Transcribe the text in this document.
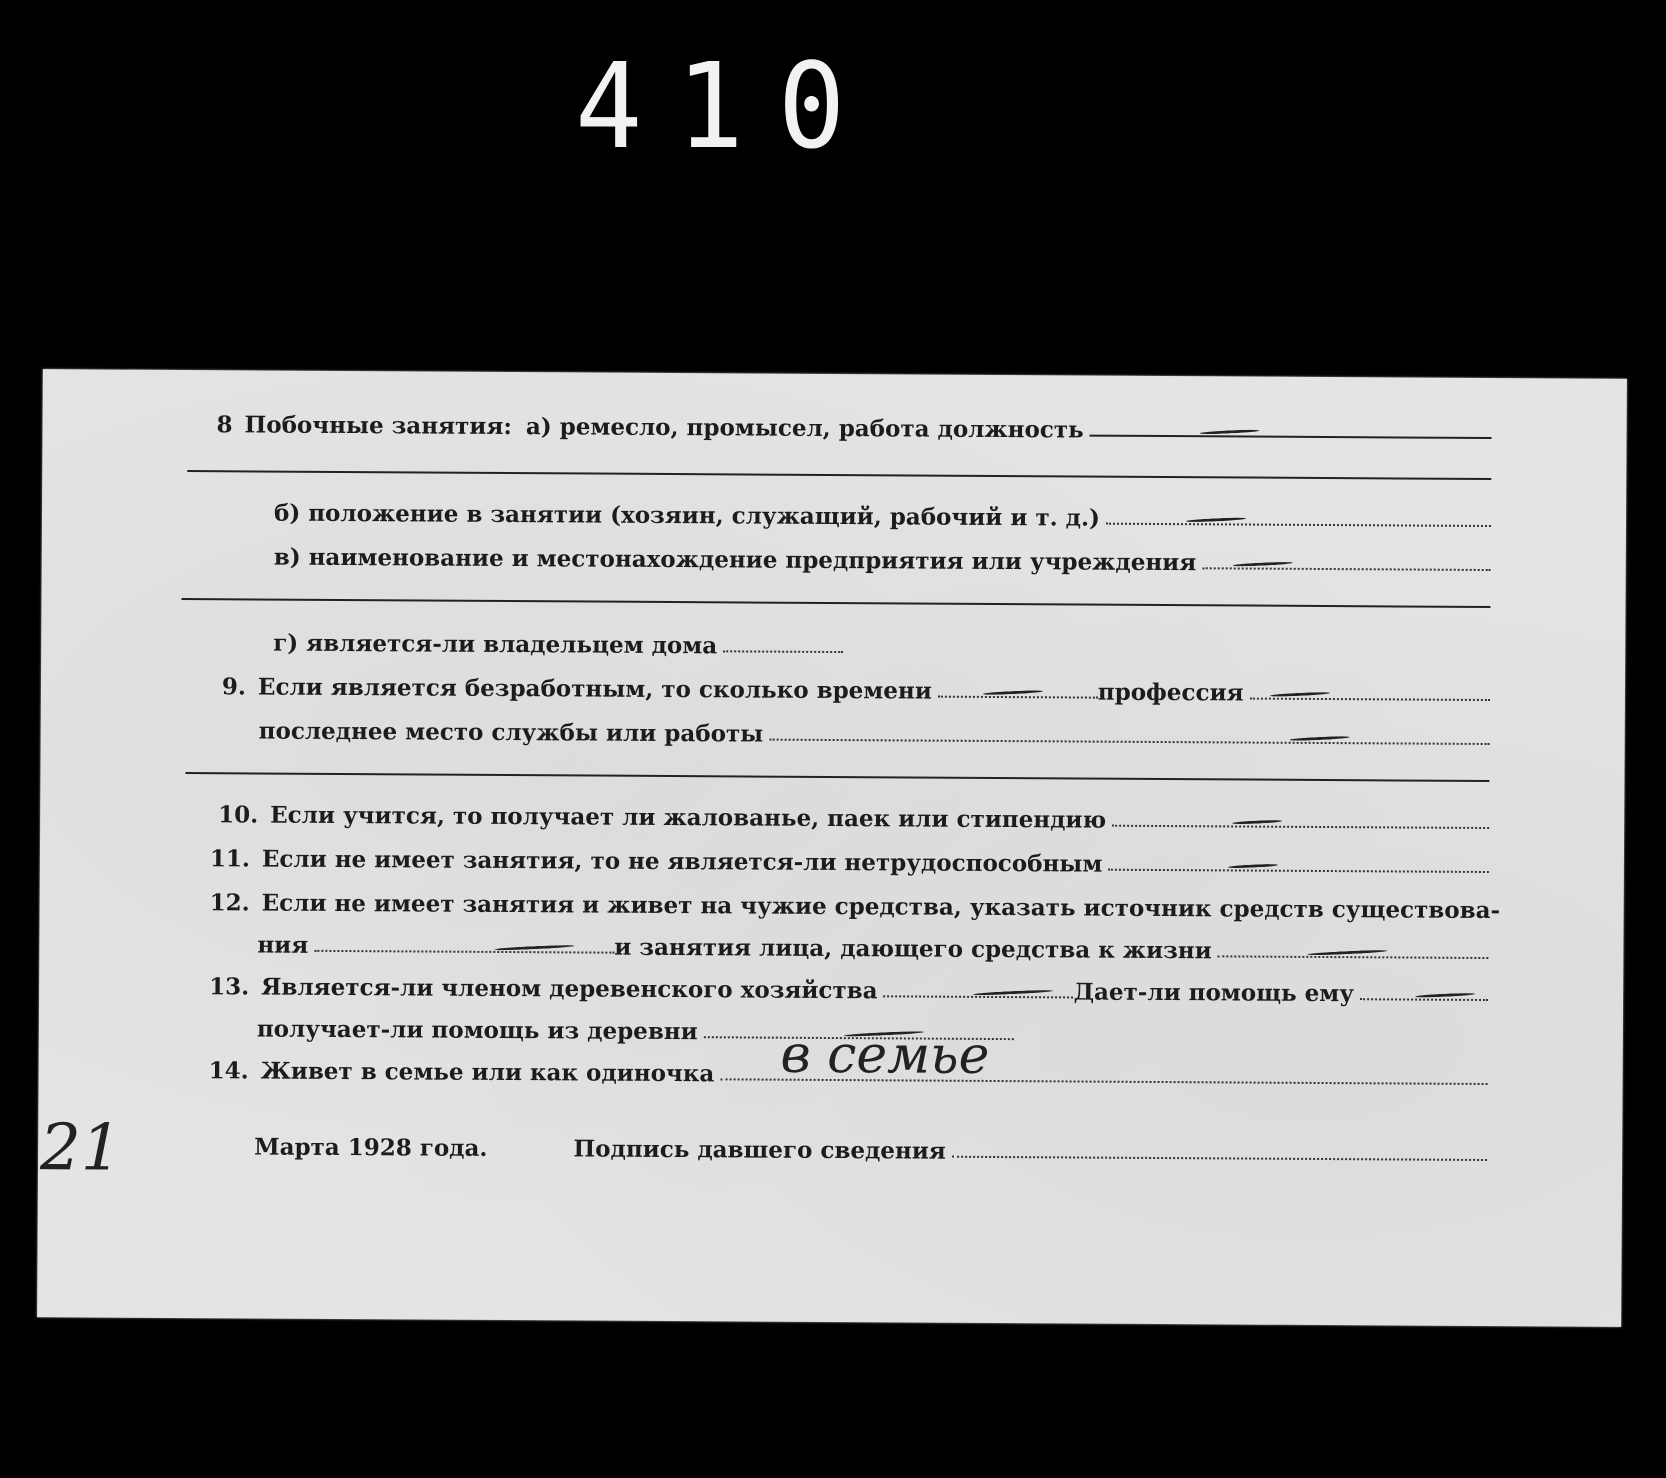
410
8 Побочные занятия: а) ремесло, промысел, работа должность
б) положение в занятии (хозяин, служащий, рабочий и т. д.)
в) наименование и местонахождение предприятия или учреждения
г) является-ли владельцем дома
9. Если является безработным, то сколько времени	профессия
последнее место службы или работы
10. Если учится, то получает ли жалованье, паек или стипендию
11. Если не имеет занятия, то не является-ли нетрудоспособным
12. Если не имеет занятия и живет на чужие средства, указать источник средств существова-
ния	и занятия лица, дающего средства к жизни
13. Является-ли членом деревенского хозяйства	Дает-ли помощь ему
получает-ли помощь из деревни
14. Живет в семье или как одиночка в семье
21	Марта 1928 года.	Подпись давшего сведения
